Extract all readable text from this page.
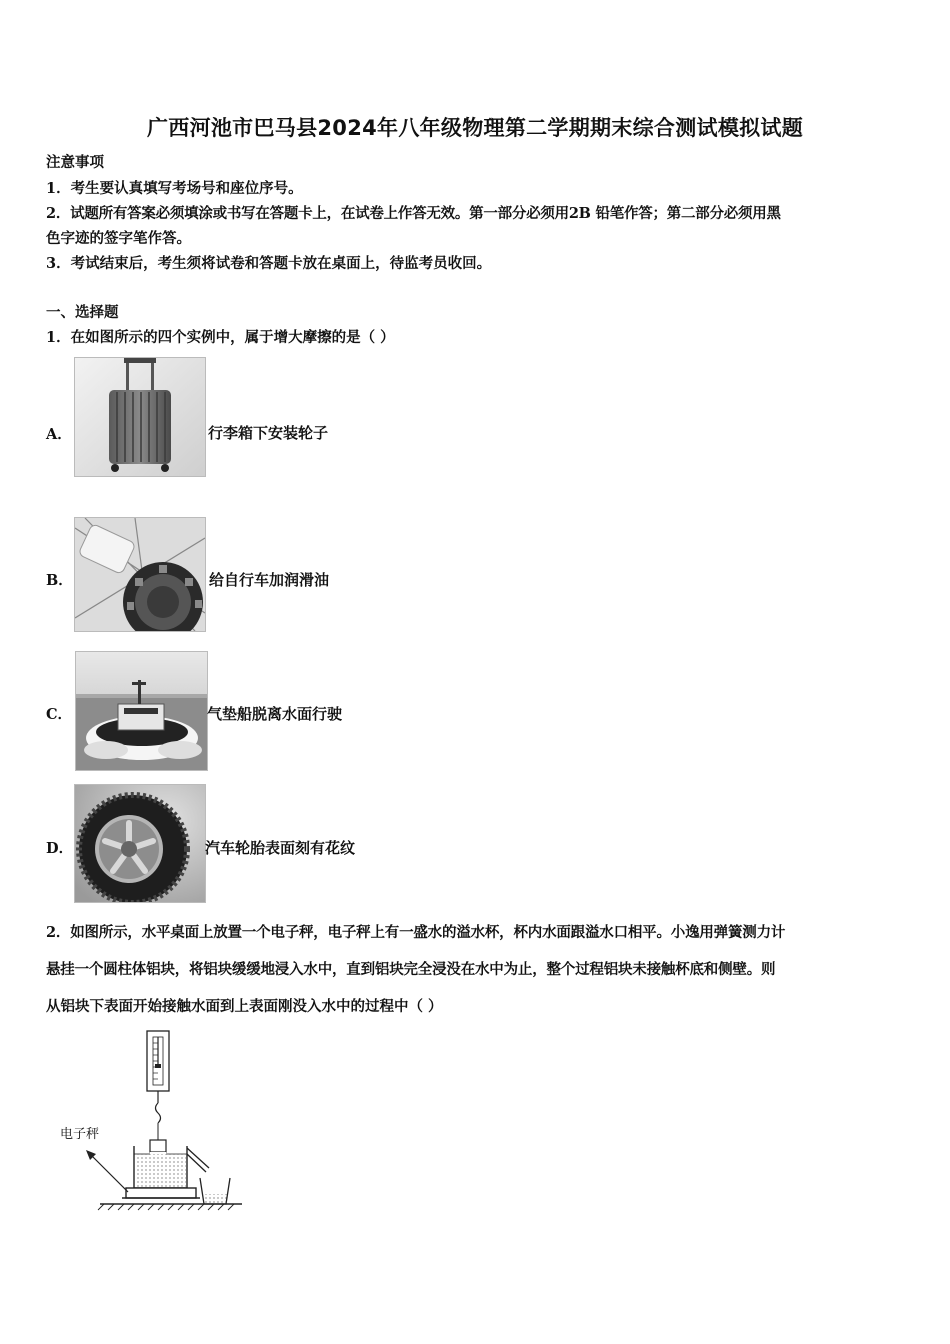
广西河池市巴马县2024年八年级物理第二学期期末综合测试模拟试题
注意事项
1．考生要认真填写考场号和座位序号。
2．试题所有答案必须填涂或书写在答题卡上，在试卷上作答无效。第一部分必须用2B 铅笔作答；第二部分必须用黑
色字迹的签字笔作答。
3．考试结束后，考生须将试卷和答题卡放在桌面上，待监考员收回。
一、选择题
1．在如图所示的四个实例中，属于增大摩擦的是（ ）
A．	行李箱下安装轮子
B．	给自行车加润滑油
C．	气垫船脱离水面行驶
D．	汽车轮胎表面刻有花纹
2．如图所示，水平桌面上放置一个电子秤，电子秤上有一盛水的溢水杯，杯内水面跟溢水口相平。小逸用弹簧测力计
悬挂一个圆柱体铝块，将铝块缓缓地浸入水中，直到铝块完全浸没在水中为止，整个过程铝块未接触杯底和侧壁。则
从铝块下表面开始接触水面到上表面刚没入水中的过程中（ ）
电子秤
